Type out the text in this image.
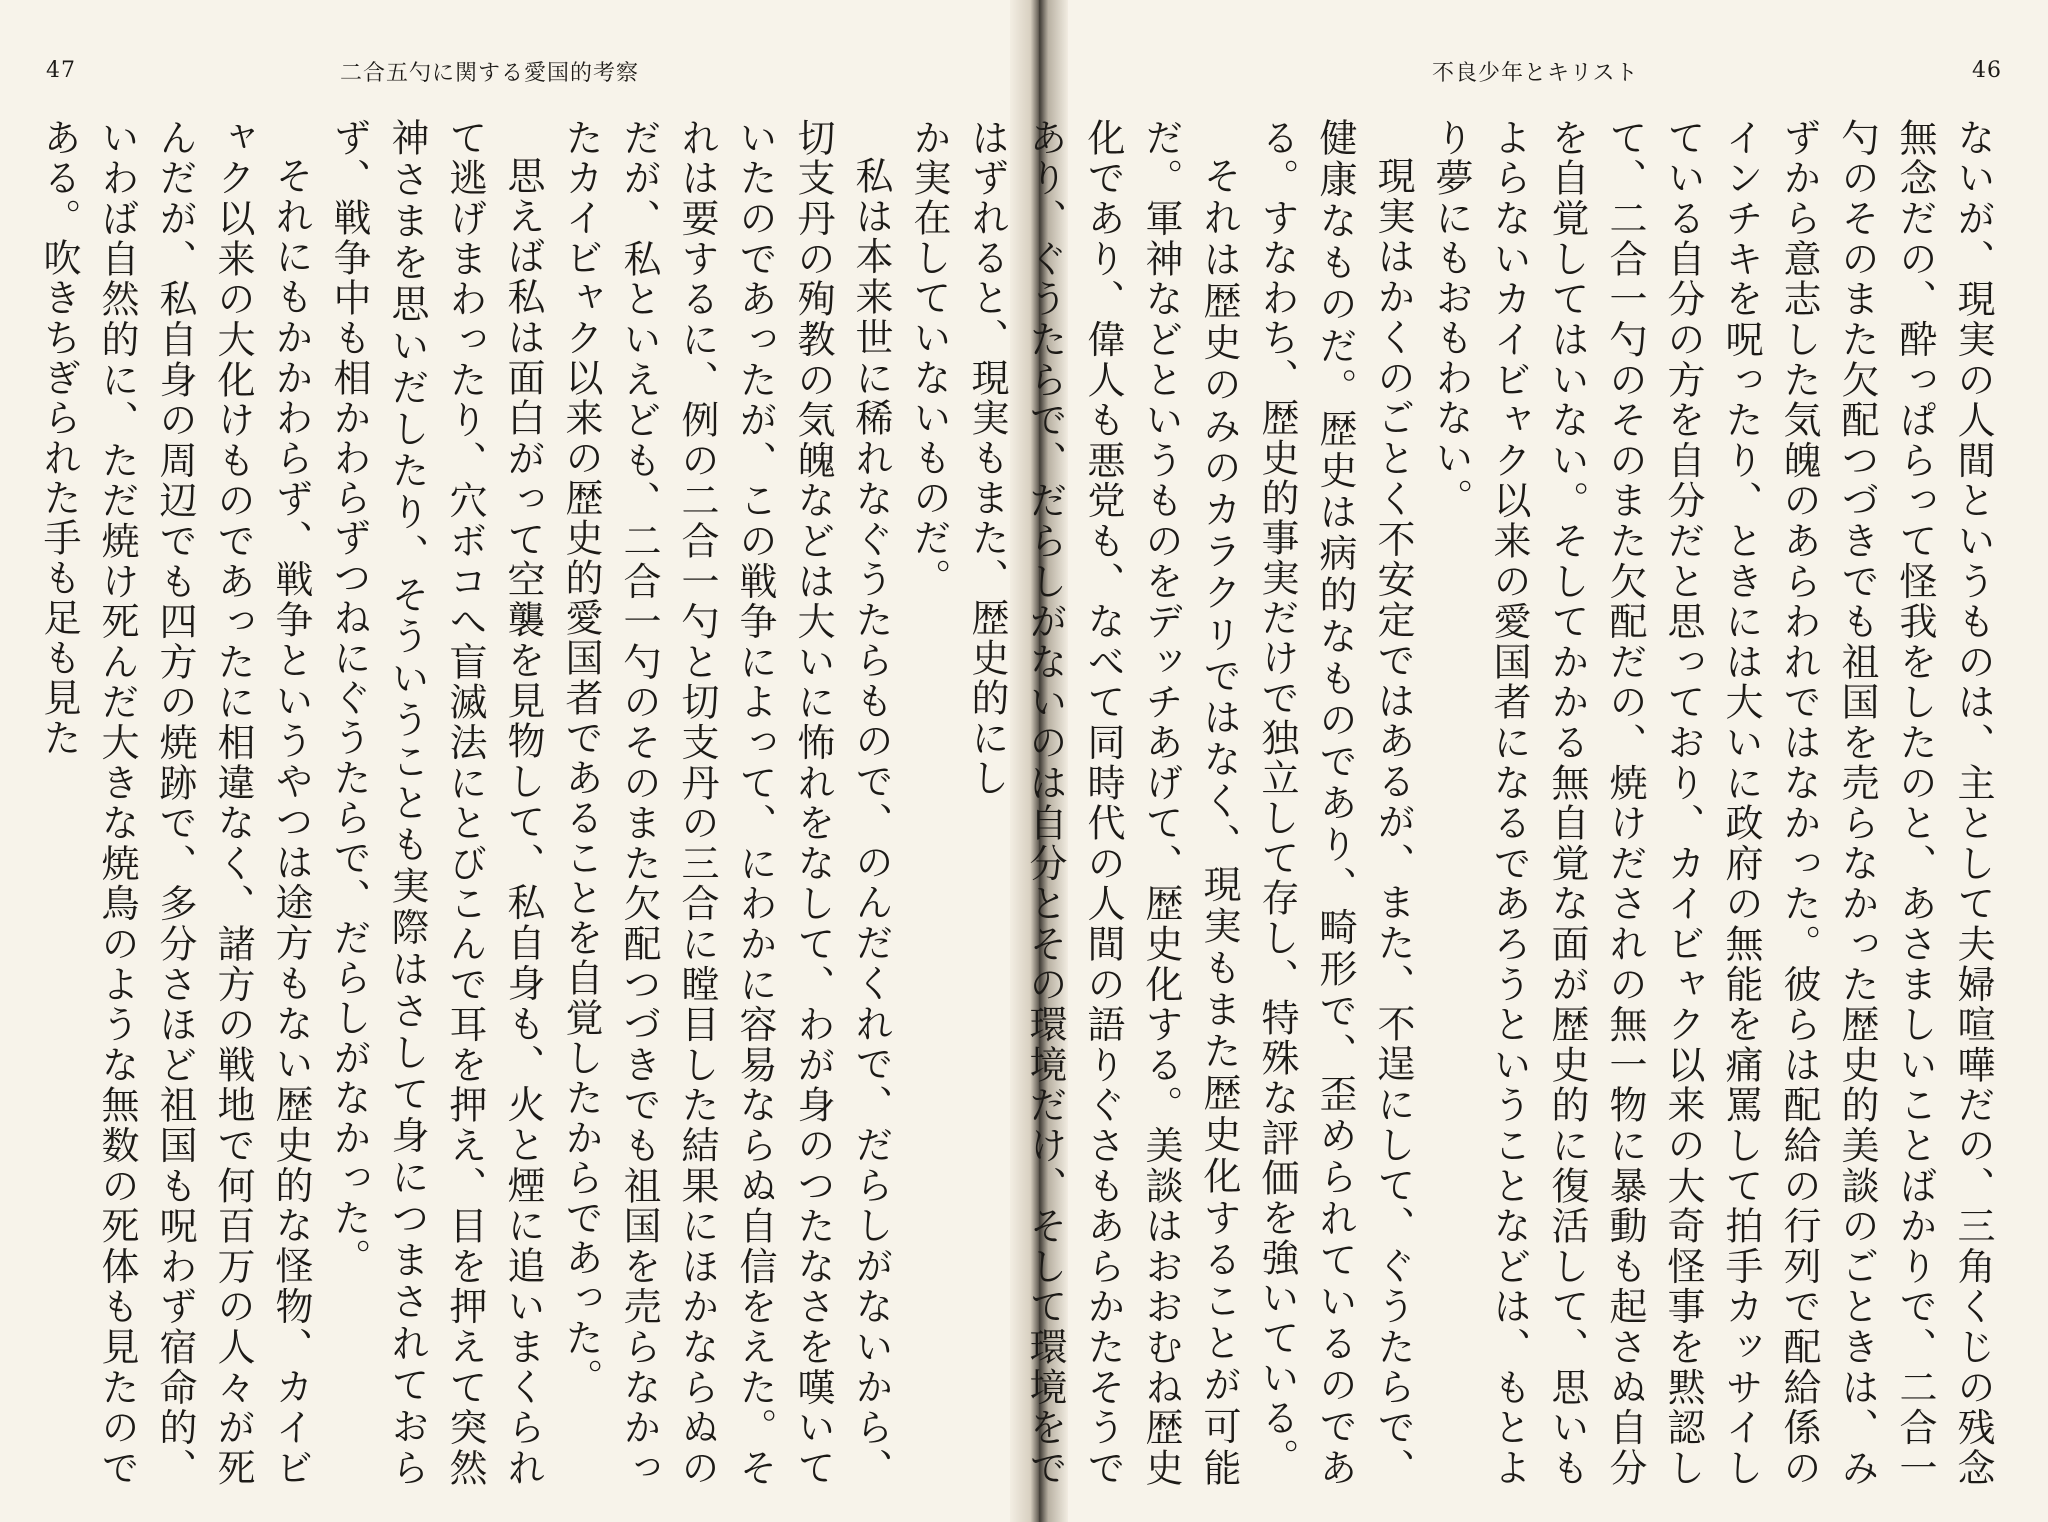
47	二合五勺に関する愛国的考察

か実在していないものだ。

私は本来世に稀れなぐうたらもので、のんだくれで、だらしがないから、切支丹の殉教の気魄などは大いに怖れをなして、わが身のつたなさを嘆いていたのであったが、この戦争によって、にわかに容易ならぬ自信をえた。それは要するに、例の二合一勺と切支丹の三合に瞠目した結果にほかならぬのだが、私といえども、二合一勺のそのまた欠配つづきでも祖国を売らなかったカイビャク以来の歴史的愛国者であることを自覚したからであった。

思えば私は面白がって空襲を見物して、私自身も、火と煙に追いまくられて逃げまわったり、穴ボコへ盲滅法にとびこんで耳を押え、目を押えて突然神さまを思いだしたり、そういうことも実際はさして身につまされておらず、戦争中も相かわらずつねにぐうたらで、だらしがなかった。

それにもかかわらず、戦争というやつは途方もない歴史的な怪物、カイビャク以来の大化けものであったに相違なく、諸方の戦地で何百万の人々が死んだが、私自身の周辺でも四方の焼跡で、多分さほど祖国も呪わず宿命的、いわば自然的に、ただ焼け死んだ大きな焼鳥のような無数の死体も見たのである。吹きちぎられた手も足も見た

不良少年とキリスト	46

ないが、現実の人間というものは、主として夫婦喧嘩だの、三角くじの残念無念だの、酔っぱらって怪我をしたのと、あさましいことばかりで、二合一勺のそのまた欠配つづきでも祖国を売らなかった歴史的美談のごときは、みずから意志した気魄のあらわれではなかった。彼らは配給の行列で配給係のインチキを呪ったり、ときには大いに政府の無能を痛罵して拍手カッサイしている自分の方を自分だと思っており、カイビャク以来の大奇怪事を黙認して、二合一勺のそのまた欠配だの、焼けだされの無一物に暴動も起さぬ自分を自覚してはいない。そしてかかる無自覚な面が歴史的に復活して、思いもよらないカイビャク以来の愛国者になるであろうということなどは、もとより夢にもおもわない。

現実はかくのごとく不安定ではあるが、また、不逞にして、ぐうたらで、健康なものだ。歴史は病的なものであり、畸形で、歪められているのである。すなわち、歴史的事実だけで独立して存し、特殊な評価を強いている。

それは歴史のみのカラクリではなく、現実もまた歴史化することが可能だ。軍神などというものをデッチあげて、歴史化する。美談はおおむね歴史化であり、偉人も悪党も、なべて同時代の人間の語りぐさもあらかたそうであり、ぐうたらで、だらしがないのは自分とその環境だけ、そして環境をではずれると、現実もまた、歴史的にし
